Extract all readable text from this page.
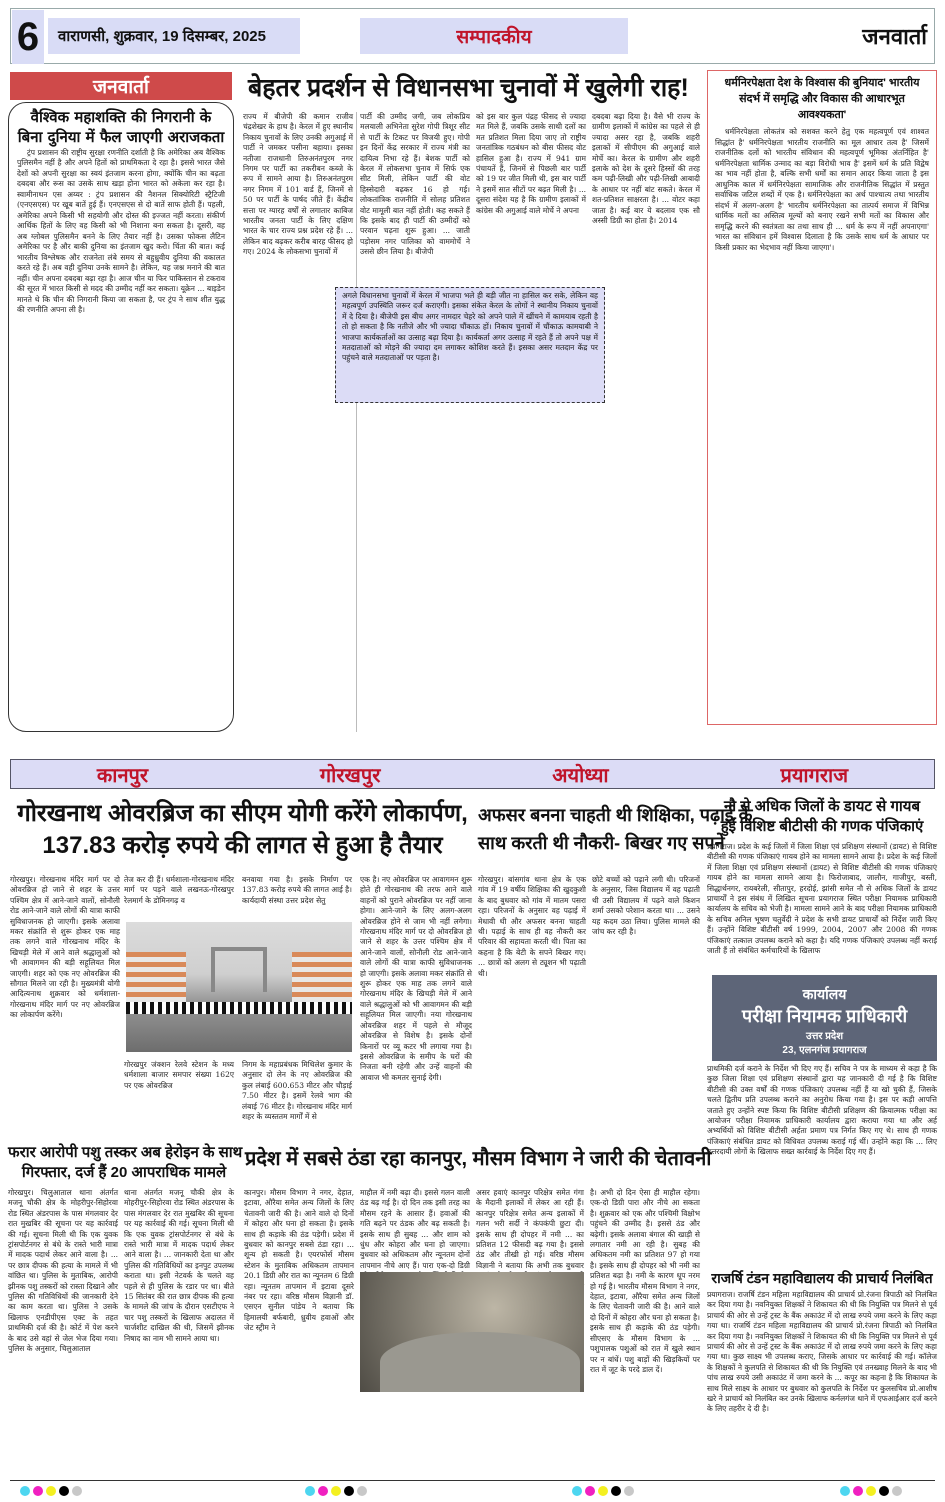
6	वाराणसी, शुक्रवार, 19 दिसम्बर, 2025	सम्पादकीय	जनवार्ता
जनवार्ता
वैश्विक महाशक्ति की निगरानी के बिना दुनिया में फैल जाएगी अराजकता
ट्रंप प्रशासन की राष्ट्रीय सुरक्षा रणनीति दर्शाती है कि अमेरिका अब वैश्विक पुलिसमैन नहीं है और अपने हितों को प्राथमिकता दे रहा है। इससे भारत जैसे देशों को अपनी सुरक्षा का स्वयं इंतजाम करना होगा, क्योंकि चीन का बढ़ता दबदबा और रूस का उसके साथ खड़ा होना भारत को अकेला कर रहा है। स्वामीनाथन एस अय्यर : ट्रंप प्रशासन की नैशनल सिक्योरिटी स्ट्रैटिजी (एनएसएस) पर खूब बातें हुई हैं। एनएसएस से दो बातें साफ होती हैं। पहली, अमेरिका अपने किसी भी सहयोगी और दोस्त की इज्जत नहीं करता। संकीर्ण आर्थिक हितों के लिए वह किसी को भी निशाना बना सकता है। दूसरी, वह अब ग्लोबल पुलिसमैन बनने के लिए तैयार नहीं है। उसका फोकस लैटिन अमेरिका पर है और बाकी दुनिया का इंतजाम खुद करो। चिंता की बात। कई भारतीय विश्लेषक और राजनेता लंबे समय से बहुध्रुवीय दुनिया की वकालत करते रहे हैं। अब वही दुनिया उनके सामने है। लेकिन, यह जश्न मनाने की बात नहीं। चीन अपना दबदबा बढ़ा रहा है। आज चीन या फिर पाकिस्तान से टकराव की सूरत में भारत किसी से मदद की उम्मीद नहीं कर सकता। यूक्रेन ... बाइडेन मानते थे कि चीन की निगरानी किया जा सकता है, पर ट्रंप ने साथ शीत युद्ध की रणनीति अपना ली है।
बेहतर प्रदर्शन से विधानसभा चुनावों में खुलेगी राह!
राज्य में बीजेपी की कमान राजीव चंद्रशेखर के हाथ है। केरल में हुए स्थानीय निकाय चुनावों के लिए उनकी अगुआई में पार्टी ने जमकर पसीना बहाया। इसका नतीजा राजधानी तिरुअनंतपुरम नगर निगम पर पार्टी का तकरीबन कब्जे के रूप में सामने आया है। तिरुअनंतपुरम नगर निगम में 101 वार्ड हैं, जिनमें से 50 पर पार्टी के पार्षद जीते हैं। केंद्रीय सत्ता पर ग्यारह वर्षों से लगातार काबिज भारतीय जनता पार्टी के लिए दक्षिण भारत के चार राज्य प्रश्न प्रदेश रहे हैं। ... लेकिन बाद बढ़कर करीब बारह फीसद हो गए। 2024 के लोकसभा चुनावों में
पार्टी की उम्मीद जगी, जब लोकप्रिय मलयाली अभिनेता सुरेश गोपी त्रिशूर सीट से पार्टी के टिकट पर विजयी हुए। गोपी इन दिनों केंद्र सरकार में राज्य मंत्री का दायित्व निभा रहे हैं। बेशक पार्टी को केरल में लोकसभा चुनाव में सिर्फ एक सीट मिली, लेकिन पार्टी की वोट हिस्सेदारी बढ़कर 16 हो गई। लोकतांत्रिक राजनीति में सोलह प्रतिशत वोट मामूली बात नहीं होती। कह सकते हैं कि इसके बाद ही पार्टी की उम्मीदों को परवान चढ़ना शुरू हुआ। ... जाती पड़ोसम नगर पालिका को वाममोर्चे ने उससे छीन लिया है। बीजेपी
को इस बार कुल पंद्रह फीसद से ज्यादा मत मिले हैं, जबकि उसके साथी दलों का मत प्रतिशत मिला दिया जाए तो राष्ट्रीय जनतांत्रिक गठबंधन को बीस फीसद वोट हासिल हुआ है। राज्य में 941 ग्राम पंचायतें हैं, जिनमें से पिछली बार पार्टी को 19 पर जीत मिली थी, इस बार पार्टी ने इसमें सात सीटों पर बढ़त मिली है। ... दूसरा संदेश यह है कि ग्रामीण इलाकों में कांग्रेस की अगुआई वाले मोर्चे ने अपना
दबदबा बढ़ा दिया है। वैसे भी राज्य के ग्रामीण इलाकों में कांग्रेस का पहले से ही ज्यादा असर रहा है, जबकि शहरी इलाकों में सीपीएम की अगुआई वाले मोर्चे का। केरल के ग्रामीण और शहरी इलाके को देश के दूसरे हिस्सों की तरह कम पढ़ी-लिखी और पढ़ी-लिखी आबादी के आधार पर नहीं बांट सकते। केरल में शत-प्रतिशत साक्षरता है। ... वोटर कहा जाता है। कई बार ये बदलाव एक सौ अस्सी डिग्री का होता है। 2014
अगले विधानसभा चुनावों में केरल में भाजपा भले ही बड़ी जीत ना हासिल कर सके, लेकिन वह महत्वपूर्ण उपस्थिति जरूर दर्ज कराएगी। इसका संकेत केरल के लोगों ने स्थानीय निकाय चुनावों में दे दिया है। बीजेपी इस बीच अगर नामदार चेहरे को अपने पाले में खींचने में कामयाब रहती है तो हो सकता है कि नतीजे और भी ज्यादा चौंकाऊ हों। निकाय चुनावों में चौंकाऊ कामयाबी ने भाजपा कार्यकर्ताओं का उत्साह बढ़ा दिया है। कार्यकर्ता अगर उत्साह में रहते हैं तो अपने पक्ष में मतदाताओं को मोड़ने की ज्यादा दम लगाकर कोशिश करते हैं। इसका असर मतदान केंद्र पर पहुंचने वाले मतदाताओं पर पड़ता है।
धर्मनिरपेक्षता देश के विश्वास की बुनियाद' भारतीय संदर्भ में समृद्धि और विकास की आधारभूत आवश्यकता'
धर्मनिरपेक्षता लोकतंत्र को सशक्त करने हेतु एक महत्वपूर्ण एवं शाश्वत सिद्धांत है' धर्मनिरपेक्षता भारतीय राजनीति का मूल आधार तत्व है' जिसमें राजनीतिक दलों को भारतीय संविधान की महत्वपूर्ण भूमिका अंतर्निहित है' धर्मनिरपेक्षता धार्मिक उन्माद का बड़ा विरोधी भाव है' इसमें धर्म के प्रति विद्वेष का भाव नहीं होता है, बल्कि सभी धर्मों का समान आदर किया जाता है इस आधुनिक काल में धर्मनिरपेक्षता सामाजिक और राजनीतिक सिद्धांत में प्रस्तुत सर्वाधिक जटिल शब्दों में एक है। धर्मनिरपेक्षता का अर्थ पाश्चात्य तथा भारतीय संदर्भ में अलग-अलग है' भारतीय धर्मनिरपेक्षता का तात्पर्य समाज में विभिन्न धार्मिक मतों का अस्तित्व मूल्यों को बनाए रखने सभी मतों का विकास और समृद्धि करने की स्वतंत्रता का तथा साथ ही ... धर्म के रूप में नहीं अपनाएगा' भारत का संविधान हमें विश्वास दिलाता है कि उसके साथ धर्म के आधार पर किसी प्रकार का भेदभाव नहीं किया जाएगा'।
कानपुर	गोरखपुर	अयोध्या	प्रयागराज
गोरखनाथ ओवरब्रिज का सीएम योगी करेंगे लोकार्पण,
137.83 करोड़ रुपये की लागत से हुआ है तैयार
गोरखपुर। गोरखनाथ मंदिर मार्ग पर दो ओवरब्रिज हो जाने से शहर के उत्तर पश्चिम क्षेत्र में आने-जाने वालों, सोनौली रोड आने-जाने वाले लोगों की यात्रा काफी सुविधाजनक हो जाएगी। इसके अलावा मकर संक्रांति से शुरू होकर एक माह तक लगने वाले गोरखनाथ मंदिर के खिचड़ी मेले में आने वाले श्रद्धालुओं को भी आवागमन की बड़ी सहूलियत मिल जाएगी। शहर को एक नए ओवरब्रिज की सौगात मिलने जा रही है। मुख्यमंत्री योगी आदित्यनाथ शुक्रवार को धर्मशाला-गोरखनाथ मंदिर मार्ग पर नए ओवरब्रिज का लोकार्पण करेंगे।
तेज कर दी हैं। धर्मशाला-गोरखनाथ मंदिर मार्ग पर पड़ने वाले लखनऊ-गोरखपुर रेलमार्ग के डोमिनगढ़ व
बनवाया गया है। इसके निर्माण पर 137.83 करोड़ रुपये की लागत आई है। कार्यदायी संस्था उत्तर प्रदेश सेतु
गोरखपुर जंक्शन रेलवे स्टेशन के मध्य धर्मशाला बाजार समपार संख्या 162ए पर एक ओवरब्रिज
निगम के महाप्रबंधक मिथिलेश कुमार के अनुसार दो लेन के नए ओवरब्रिज की कुल लंबाई 600.653 मीटर और चौड़ाई 7.50 मीटर है। इसमें रेलवे भाग की लंबाई 76 मीटर है। गोरखनाथ मंदिर मार्ग शहर के व्यस्ततम मार्गों में से
एक है। नए ओवरब्रिज पर आवागमन शुरू होते ही गोरखनाथ की तरफ आने वाले वाहनों को पुराने ओवरब्रिज पर नहीं जाना होगा। आने-जाने के लिए अलग-अलग ओवरब्रिज होने से जाम भी नहीं लगेगा। गोरखनाथ मंदिर मार्ग पर दो ओवरब्रिज हो जाने से शहर के उत्तर पश्चिम क्षेत्र में आने-जाने वालों, सोनौली रोड आने-जाने वाले लोगों की यात्रा काफी सुविधाजनक हो जाएगी। इसके अलावा मकर संक्रांति से शुरू होकर एक माह तक लगने वाले गोरखनाथ मंदिर के खिचड़ी मेले में आने वाले श्रद्धालुओं को भी आवागमन की बड़ी सहूलियत मिल जाएगी। नया गोरखनाथ ओवरब्रिज शहर में पहले से मौजूद ओवरब्रिज से विशेष है। इसके दोनों किनारों पर व्यू कटर भी लगाया गया है। इससे ओवरब्रिज के समीप के घरों की निजता बनी रहेगी और उन्हें वाहनों की आवाज भी कमतर सुनाई देगी।
अफसर बनना चाहती थी शिक्षिका, पढ़ाई के
साथ करती थी नौकरी- बिखर गए सपने
गोरखपुर। बांसगांव थाना क्षेत्र के एक गांव में 19 वर्षीय शिक्षिका की खुदकुशी के बाद बुधवार को गांव में मातम पसरा रहा। परिजनों के अनुसार वह पढ़ाई में मेधावी थी और अफसर बनना चाहती थी। पढ़ाई के साथ ही वह नौकरी कर परिवार की सहायता करती थी। पिता का कहना है कि बेटी के सपने बिखर गए। ... छात्रों को अलग से ट्यूशन भी पढ़ाती थी।
छोटे बच्चों को पढ़ाने लगी थी। परिजनों के अनुसार, जिस विद्यालय में वह पढ़ाती थी उसी विद्यालय में पढ़ने वाले किशन शर्मा उसको परेशान करता था। ... उसने यह कदम उठा लिया। पुलिस मामले की जांच कर रही है।
नौ से अधिक जिलों के डायट से गायब
हुईं विशिष्ट बीटीसी की गणक पंजिकाएं
प्रयागराज। प्रदेश के कई जिलों में जिला शिक्षा एवं प्रशिक्षण संस्थानों (डायट) से विशिष्ट बीटीसी की गणक पंजिकाएं गायब होने का मामला सामने आया है। प्रदेश के कई जिलों में जिला शिक्षा एवं प्रशिक्षण संस्थानों (डायट) से विशिष्ट बीटीसी की गणक पंजिकाएं गायब होने का मामला सामने आया है। फिरोजाबाद, जालौन, गाजीपुर, बस्ती, सिद्धार्थनगर, रायबरेली, सीतापुर, हरदोई, झांसी समेत नौ से अधिक जिलों के डायट प्राचार्यों ने इस संबंध में लिखित सूचना प्रयागराज स्थित परीक्षा नियामक प्राधिकारी कार्यालय के सचिव को भेजी है। मामला सामने आने के बाद परीक्षा नियामक प्राधिकारी के सचिव अनिल भूषण चतुर्वेदी ने प्रदेश के सभी डायट प्राचार्यों को निर्देश जारी किए हैं। उन्होंने विशिष्ट बीटीसी वर्ष 1999, 2004, 2007 और 2008 की गणक पंजिकाएं तत्काल उपलब्ध कराने को कहा है। यदि गणक पंजिकाएं उपलब्ध नहीं कराई जाती हैं तो संबंधित कर्मचारियों के खिलाफ
कार्यालय
परीक्षा नियामक प्राधिकारी
उत्तर प्रदेश
23, एलनगंज प्रयागराज
प्राथमिकी दर्ज कराने के निर्देश भी दिए गए हैं। सचिव ने पत्र के माध्यम से कहा है कि कुछ जिला शिक्षा एवं प्रशिक्षण संस्थानों द्वारा यह जानकारी दी गई है कि विशिष्ट बीटीसी की उक्त वर्षों की गणक पंजिकाएं उपलब्ध नहीं हैं या खो चुकी हैं, जिसके चलते द्वितीय प्रति उपलब्ध कराने का अनुरोध किया गया है। इस पर कड़ी आपत्ति जताते हुए उन्होंने स्पष्ट किया कि विशिष्ट बीटीसी प्रशिक्षण की क्रियात्मक परीक्षा का आयोजन परीक्षा नियामक प्राधिकारी कार्यालय द्वारा कराया गया था और अर्ह अभ्यर्थियों को विशिष्ट बीटीसी अर्हता प्रमाण पत्र निर्गत किए गए थे। साथ ही गणक पंजिकाएं संबंधित डायट को विधिवत उपलब्ध कराई गई थीं। उन्होंने कहा कि ... लिए उत्तरदायी लोगों के खिलाफ सख्त कार्रवाई के निर्देश दिए गए हैं।
राजर्षि टंडन महाविद्यालय की प्राचार्य निलंबित
प्रयागराज। राजर्षि टंडन महिला महाविद्यालय की प्राचार्य प्रो.रंजना त्रिपाठी को निलंबित कर दिया गया है। नवनियुक्त शिक्षकों ने शिकायत की थी कि नियुक्ति पत्र मिलने से पूर्व प्राचार्य की ओर से उन्हें ट्रस्ट के बैंक अकाउंट में दो लाख रुपये जमा करने के लिए कहा गया था। राजर्षि टंडन महिला महाविद्यालय की प्राचार्य प्रो.रंजना त्रिपाठी को निलंबित कर दिया गया है। नवनियुक्त शिक्षकों ने शिकायत की थी कि नियुक्ति पत्र मिलने से पूर्व प्राचार्य की ओर से उन्हें ट्रस्ट के बैंक अकाउंट में दो लाख रुपये जमा करने के लिए कहा गया था। कुछ साक्ष्य भी उपलब्ध कराए, जिसके आधार पर कार्रवाई की गई। कॉलेज के शिक्षकों ने कुलपति से शिकायत की थी कि नियुक्ति एवं तनख्वाह मिलने के बाद भी पांच लाख रुपये उसी अकाउंट में जमा करने के ... कपूर का कहना है कि शिकायत के साथ मिले साक्ष्य के आधार पर बुधवार को कुलपति के निर्देश पर कुलसचिव प्रो.आशीष खरे ने प्राचार्य को निलंबित कर उनके खिलाफ कर्नलगंज थाने में एफआईआर दर्ज करने के लिए तहरीर दे दी है।
फरार आरोपी पशु तस्कर अब हेरोइन के साथ
गिरफ्तार, दर्ज हैं 20 आपराधिक मामले
गोरखपुर। चिलुआताल थाना अंतर्गत मजनू चौकी क्षेत्र के मोहरीपुर-सिहोरवा रोड स्थित अंडरपास के पास मंगलवार देर रात मुखबिर की सूचना पर यह कार्रवाई की गई। सूचना मिली थी कि एक युवक ट्रांसपोर्टनगर से बंधे के रास्ते भारी मात्रा में मादक पदार्थ लेकर आने वाला है। ... पर छात्र दीपक की हत्या के मामले में भी वांछित था। पुलिस के मुताबिक, आरोपी झीनक पशु तस्करों को रास्ता दिखाने और पुलिस की गतिविधियों की जानकारी देने का काम करता था। पुलिस ने उसके खिलाफ एनडीपीएस एक्ट के तहत प्राथमिकी दर्ज की है। कोर्ट में पेश करने के बाद उसे वहां से जेल भेज दिया गया। पुलिस के अनुसार, चिलुआताल
थाना अंतर्गत मजनू चौकी क्षेत्र के मोहरीपुर-सिहोरवा रोड स्थित अंडरपास के पास मंगलवार देर रात मुखबिर की सूचना पर यह कार्रवाई की गई। सूचना मिली थी कि एक युवक ट्रांसपोर्टनगर से बंधे के रास्ते भारी मात्रा में मादक पदार्थ लेकर आने वाला है। ... जानकारी देता था और पुलिस की गतिविधियों का इनपुट उपलब्ध कराता था। इसी नेटवर्क के चलते वह पहले से ही पुलिस के रडार पर था। बीते 15 सितंबर की रात छात्र दीपक की हत्या के मामले की जांच के दौरान एसटीएफ ने चार पशु तस्करों के खिलाफ अदालत में चार्जशीट दाखिल की थी, जिसमें झीनक निषाद का नाम भी सामने आया था।
प्रदेश में सबसे ठंडा रहा कानपुर, मौसम विभाग ने जारी की चेतावनी
कानपुर। मौसम विभाग ने नगर, देहात, इटावा, औरैया समेत अन्य जिलों के लिए चेतावनी जारी की है। आने वाले दो दिनों में कोहरा और घना हो सकता है। इसके साथ ही कड़ाके की ठंड पड़ेगी। प्रदेश में बुधवार को कानपुर सबसे ठंडा रहा। ... शून्य हो सकती है। एयरफोर्स मौसम स्टेशन के मुताबिक अधिकतम तापमान 20.1 डिग्री और रात का न्यूनतम 6 डिग्री रहा। न्यूनतम तापमान में इटावा दूसरे नंबर पर रहा। वरिष्ठ मौसम विज्ञानी डॉ. एसएन सुनील पांडेय ने बताया कि हिमालयी बर्फबारी, ध्रुवीय हवाओं और जेट स्ट्रीम ने
माहौल में नमी बढ़ा दी। इससे गलन वाली ठंड बढ़ गई है। दो दिन तक इसी तरह का मौसम रहने के आसार हैं। हवाओं की गति बढ़ने पर ठंडक और बढ़ सकती है। इसके साथ ही सुबह ... और शाम को धुंध और कोहरा और घना हो जाएगा। बुधवार को अधिकतम और न्यूनतम दोनों तापमान नीचे आए हैं। पारा एक-दो डिग्री
असर हवाएं कानपुर परिक्षेत्र समेत गंगा के मैदानी इलाकों में लेकर आ रही हैं। कानपुर परिक्षेत्र समेत अन्य इलाकों में गलन भरी सर्दी ने कंपकंपी छुटा दी। इसके साथ ही दोपहर में नमी ... का प्रतिशत 12 फीसदी बढ़ गया है। इससे ठंड और तीखी हो गई। वरिष्ठ मौसम विज्ञानी ने बताया कि अभी तक बुधवार
है। अभी दो दिन ऐसा ही माहौल रहेगा। एक-दो डिग्री पारा और नीचे आ सकता है। शुक्रवार को एक और पश्चिमी विक्षोभ पहुंचने की उम्मीद है। इससे ठंड और बढ़ेगी। इसके अलावा बंगाल की खाड़ी से लगातार नमी आ रही है। सुबह की अधिकतम नमी का प्रतिशत 97 हो गया है। इसके साथ ही दोपहर को भी नमी का प्रतिशत बढ़ा है। नमी के कारण धूप नरम हो गई है। भारतीय मौसम विभाग ने नगर, देहात, इटावा, औरैया समेत अन्य जिलों के लिए चेतावनी जारी की है। आने वाले दो दिनों में कोहरा और घना हो सकता है। इसके साथ ही कड़ाके की ठंड पड़ेगी। सीएसए के मौसम विभाग के ... पशुपालक पशुओं को रात में खुले स्थान पर न बांधें। पशु बाड़ों की खिड़कियों पर रात में जूट के परदे डाल दें।
